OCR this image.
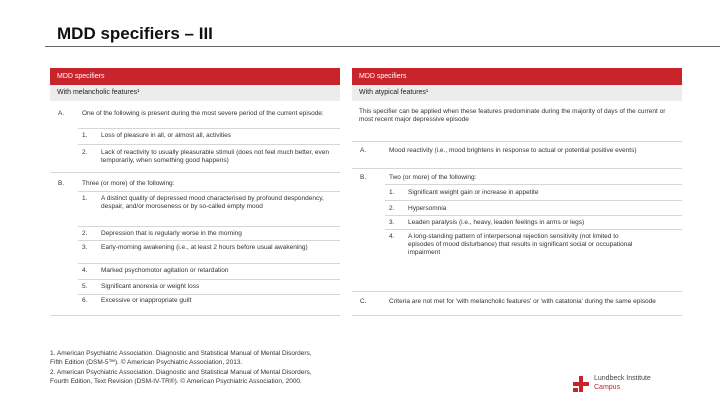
MDD specifiers – III
MDD specifiers
With melancholic features¹
A.	One of the following is present during the most severe period of the current episode:
1. Loss of pleasure in all, or almost all, activities
2. Lack of reactivity to usually pleasurable stimuli (does not feel much better, even temporarily, when something good happens)
B.	Three (or more) of the following:
1. A distinct quality of depressed mood characterised by profound despondency, despair, and/or moroseness or by so-called empty mood
2. Depression that is regularly worse in the morning
3. Early-morning awakening (i.e., at least 2 hours before usual awakening)
4. Marked psychomotor agitation or retardation
5. Significant anorexia or weight loss
6. Excessive or inappropriate guilt
MDD specifiers
With atypical features¹
This specifier can be applied when these features predominate during the majority of days of the current or most recent major depressive episode
A.	Mood reactivity (i.e., mood brightens in response to actual or potential positive events)
B.	Two (or more) of the following:
1. Significant weight gain or increase in appetite
2. Hypersomnia
3. Leaden paralysis (i.e., heavy, leaden feelings in arms or legs)
4. A long-standing pattern of interpersonal rejection sensitivity (not limited to episodes of mood disturbance) that results in significant social or occupational impairment
C.	Criteria are not met for 'with melancholic features' or 'with catatonia' during the same episode
1. American Psychiatric Association. Diagnostic and Statistical Manual of Mental Disorders,
Fifth Edition (DSM-5™). © American Psychiatric Association, 2013.
2. American Psychiatric Association. Diagnostic and Statistical Manual of Mental Disorders,
Fourth Edition, Text Revision (DSM-IV-TR®). © American Psychiatric Association, 2000.	Lundbeck Institute
Campus
